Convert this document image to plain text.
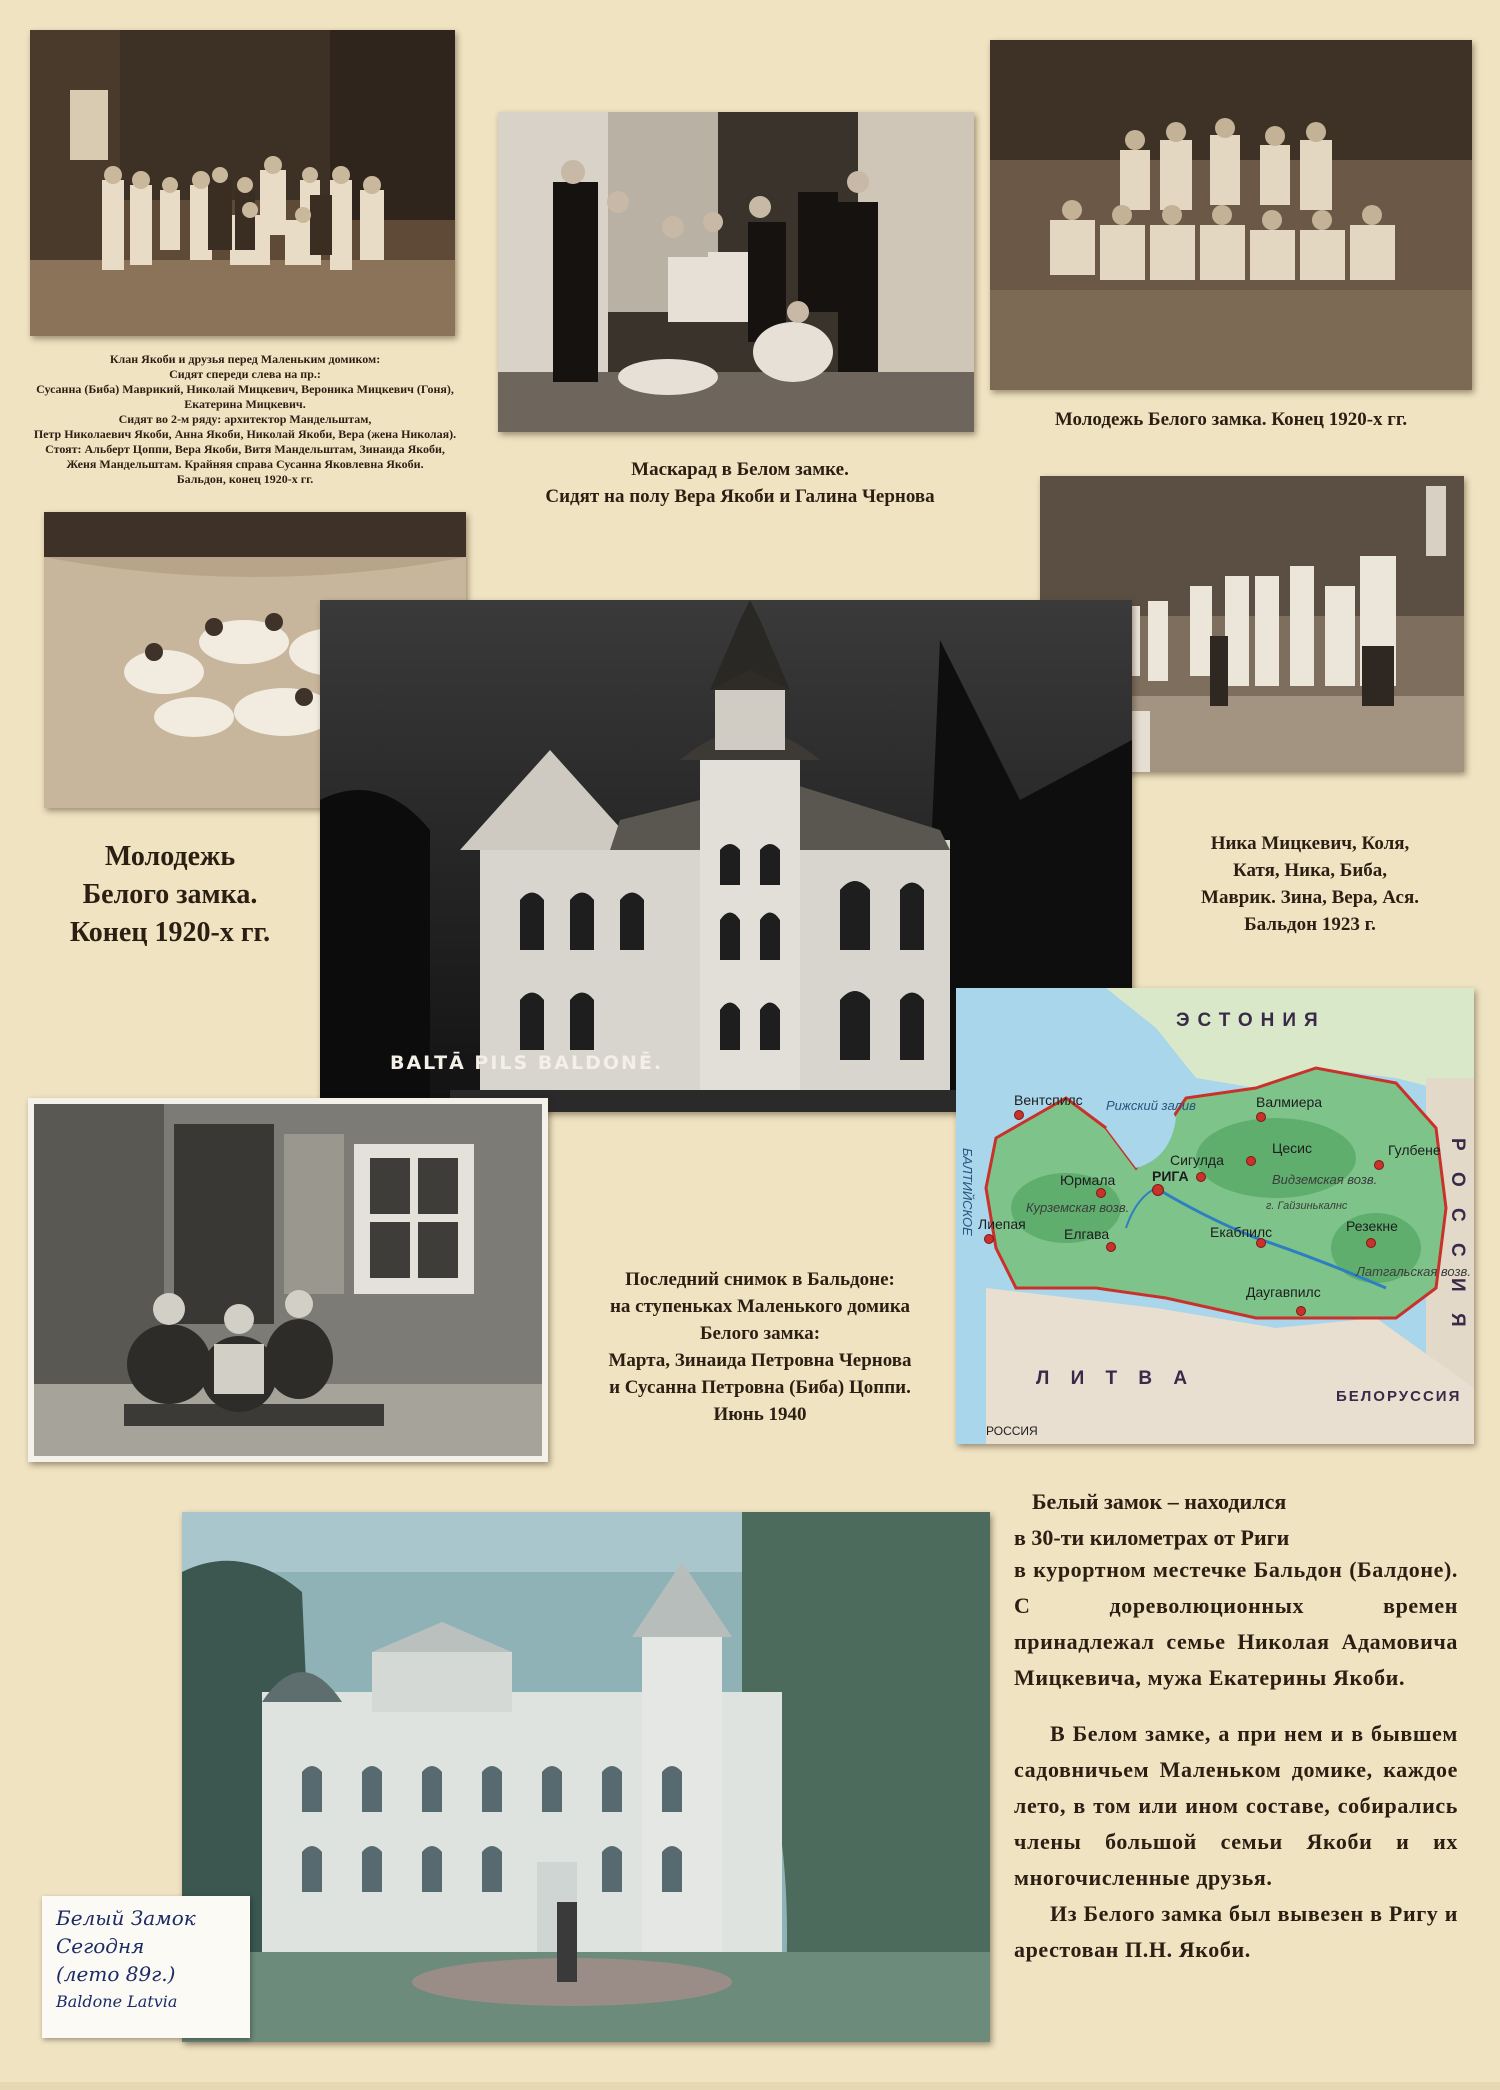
Клан Якоби и друзья перед Маленьким домиком:
Сидят спереди слева на пр.:
Сусанна (Биба) Маврикий, Николай Мицкевич, Вероника Мицкевич (Гоня),
Екатерина Мицкевич.
Сидят во 2-м ряду: архитектор Мандельштам,
Петр Николаевич Якоби, Анна Якоби, Николай Якоби, Вера (жена Николая).
Стоят: Альберт Цоппи, Вера Якоби, Витя Мандельштам, Зинаида Якоби,
Женя Мандельштам. Крайняя справа Сусанна Яковлевна Якоби.
Бальдон, конец 1920-х гг.	Маскарад в Белом замке.
Сидят на полу Вера Якоби и Галина Чернова
Молодежь Белого замка. Конец 1920-х гг.
Молодежь
Белого замка.
Конец 1920-х гг.
Ника Мицкевич, Коля,
Катя, Ника, Биба,
Маврик. Зина, Вера, Ася.
Бальдон 1923 г.
BALTĀ PILS BALDONĒ.
Последний снимок в Бальдоне:
на ступеньках Маленького домика
Белого замка:
Марта, Зинаида Петровна Чернова
и Сусанна Петровна (Биба) Цоппи.
Июнь 1940
ЭСТОНИЯ
Р О С С И Я
Л И Т В А
БЕЛОРУССИЯ
РОССИЯ
БАЛТИЙСКОЕ
Рижский залив
Вентспилс	Валмиера
Цесис	Гулбене
Сигулда
Юрмала	РИГА
Лиепая
Елгава	Екабпилс	Резекне
Даугавпилс
Курземская возв.
Видземская возв.
Латгальская возв.
г. Гайзинькалнс
Белый Замок
Сегодня
(лето 89г.)
Baldone Latvia

Белый замок – находился

в 30-ти километрах от Риги

в курортном местечке Бальдон (Балдоне). С дореволюционных времен принадлежал семье Николая Адамовича Мицкевича, мужа Екатерины Якоби.

В Белом замке, а при нем и в бывшем садовничьем Маленьком домике, каждое лето, в том или ином составе, собирались члены большой семьи Якоби и их многочисленные друзья.

Из Белого замка был вывезен в Ригу и арестован П.Н. Якоби.
